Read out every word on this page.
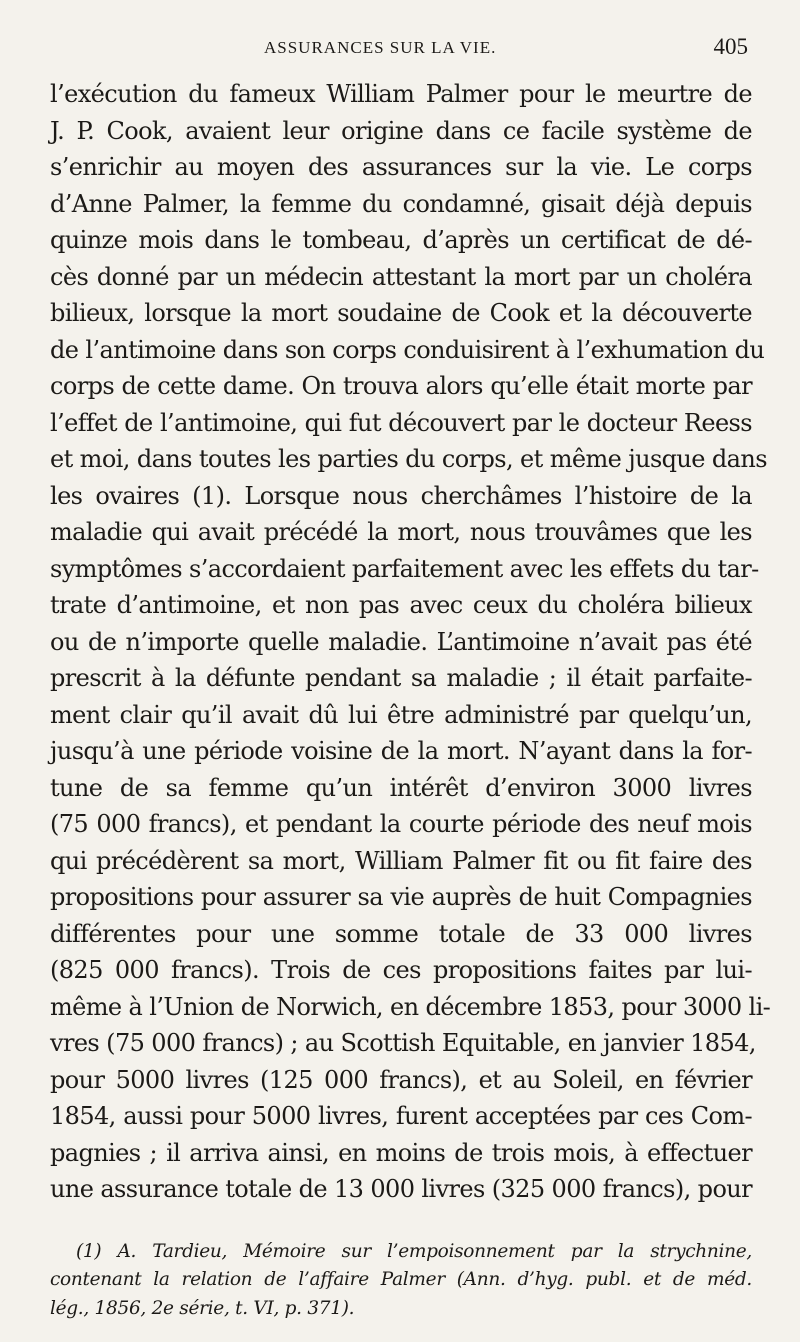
ASSURANCES SUR LA VIE.	405
l’exécution du fameux William Palmer pour le meurtre de
J. P. Cook, avaient leur origine dans ce facile système de
s’enrichir au moyen des assurances sur la vie. Le corps
d’Anne Palmer, la femme du condamné, gisait déjà depuis
quinze mois dans le tombeau, d’après un certificat de dé-
cès donné par un médecin attestant la mort par un choléra
bilieux, lorsque la mort soudaine de Cook et la découverte
de l’antimoine dans son corps conduisirent à l’exhumation du
corps de cette dame. On trouva alors qu’elle était morte par
l’effet de l’antimoine, qui fut découvert par le docteur Reess
et moi, dans toutes les parties du corps, et même jusque dans
les ovaires (1). Lorsque nous cherchâmes l’histoire de la
maladie qui avait précédé la mort, nous trouvâmes que les
symptômes s’accordaient parfaitement avec les effets du tar-
trate d’antimoine, et non pas avec ceux du choléra bilieux
ou de n’importe quelle maladie. L’antimoine n’avait pas été
prescrit à la défunte pendant sa maladie ; il était parfaite-
ment clair qu’il avait dû lui être administré par quelqu’un,
jusqu’à une période voisine de la mort. N’ayant dans la for-
tune de sa femme qu’un intérêt d’environ 3000 livres
(75 000 francs), et pendant la courte période des neuf mois
qui précédèrent sa mort, William Palmer fit ou fit faire des
propositions pour assurer sa vie auprès de huit Compagnies
différentes pour une somme totale de 33 000 livres
(825 000 francs). Trois de ces propositions faites par lui-
même à l’Union de Norwich, en décembre 1853, pour 3000 li-
vres (75 000 francs) ; au Scottish Equitable, en janvier 1854,
pour 5000 livres (125 000 francs), et au Soleil, en février
1854, aussi pour 5000 livres, furent acceptées par ces Com-
pagnies ; il arriva ainsi, en moins de trois mois, à effectuer
une assurance totale de 13 000 livres (325 000 francs), pour
(1) A. Tardieu, Mémoire sur l’empoisonnement par la strychnine,
contenant la relation de l’affaire Palmer (Ann. d’hyg. publ. et de méd.
lég., 1856, 2e série, t. VI, p. 371).
